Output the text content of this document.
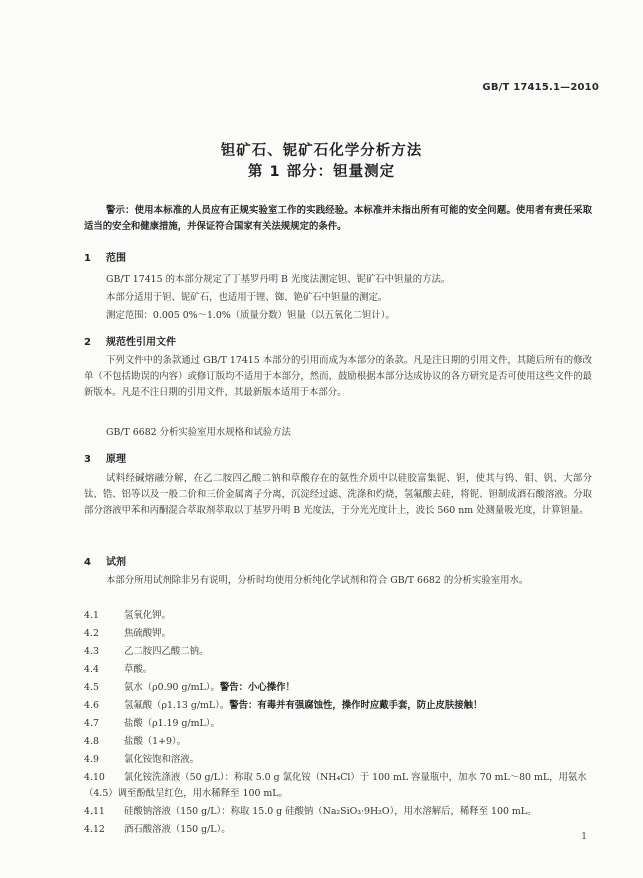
GB/T 17415.1—2010
钽矿石、铌矿石化学分析方法
第 1 部分：钽量测定
警示：使用本标准的人员应有正规实验室工作的实践经验。本标准并未指出所有可能的安全问题。使用者有责任采取适当的安全和健康措施，并保证符合国家有关法规规定的条件。
1 范围
GB/T 17415 的本部分规定了丁基罗丹明 B 光度法测定钽、铌矿石中钽量的方法。
本部分适用于钽、铌矿石，也适用于锂、铷、铯矿石中钽量的测定。
测定范围：0.005 0%～1.0%（质量分数）钽量（以五氧化二钽计）。
2 规范性引用文件
下列文件中的条款通过 GB/T 17415 本部分的引用而成为本部分的条款。凡是注日期的引用文件，其随后所有的修改单（不包括勘误的内容）或修订版均不适用于本部分，然而，鼓励根据本部分达成协议的各方研究是否可使用这些文件的最新版本。凡是不注日期的引用文件，其最新版本适用于本部分。
GB/T 6682 分析实验室用水规格和试验方法
3 原理
试料经碱熔融分解，在乙二胺四乙酸二钠和草酸存在的氨性介质中以硅胶富集铌、钽，使其与钨、钼、钒、大部分钛、锆、铝等以及一般二价和三价金属离子分离，沉淀经过滤、洗涤和灼烧，氢氟酸去硅，将铌、钽制成酒石酸溶液。分取部分溶液甲苯和丙酮混合萃取剂萃取以丁基罗丹明 B 光度法，于分光光度计上，波长 560 nm 处测量吸光度，计算钽量。
4 试剂
本部分所用试剂除非另有说明，分析时均使用分析纯化学试剂和符合 GB/T 6682 的分析实验室用水。
4.1	氢氧化钾。
4.2	焦硫酸钾。
4.3	乙二胺四乙酸二钠。
4.4	草酸。
4.5	氨水（ρ0.90 g/mL）。警告：小心操作！
4.6	氢氟酸（ρ1.13 g/mL）。警告：有毒并有强腐蚀性，操作时应戴手套，防止皮肤接触！
4.7	盐酸（ρ1.19 g/mL）。
4.8	盐酸（1+9）。
4.9	氯化铵饱和溶液。
4.10 氯化铵洗涤液（50 g/L）：称取 5.0 g 氯化铵（NH₄Cl）于 100 mL 容量瓶中，加水 70 mL～80 mL，用氨水（4.5）调至酚酞呈红色，用水稀释至 100 mL。
4.11 硅酸钠溶液（150 g/L）：称取 15.0 g 硅酸钠（Na₂SiO₃·9H₂O），用水溶解后，稀释至 100 mL。
4.12 酒石酸溶液（150 g/L）。
1
